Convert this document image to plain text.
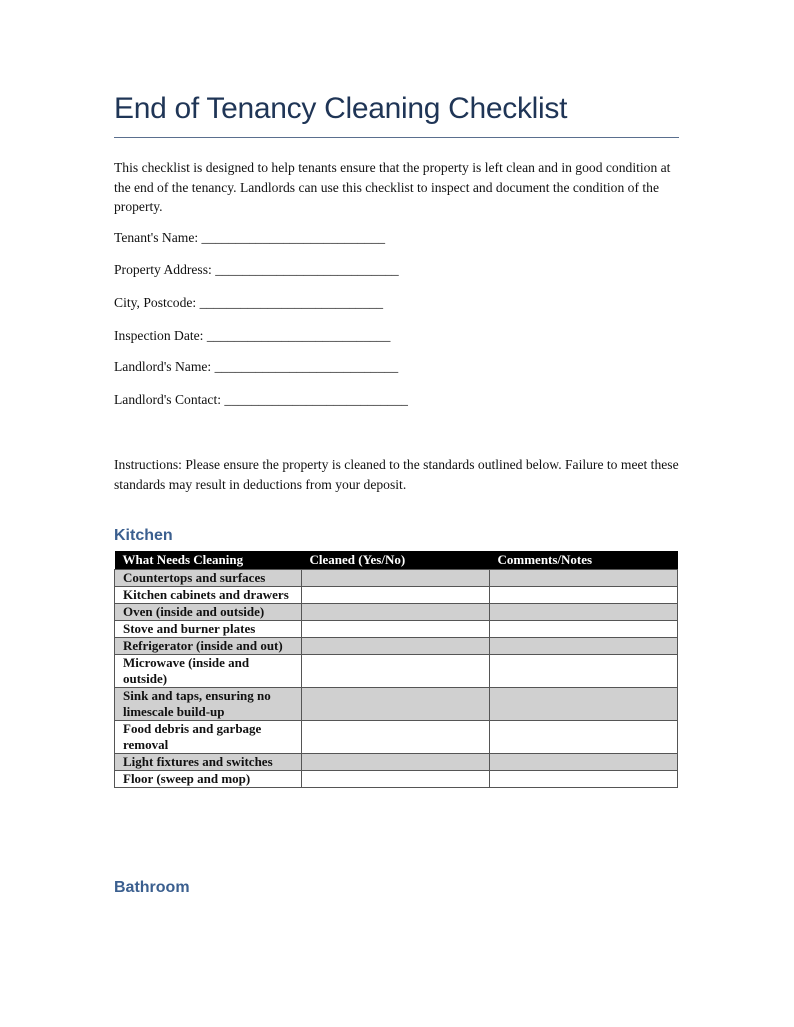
End of Tenancy Cleaning Checklist
This checklist is designed to help tenants ensure that the property is left clean and in good condition at the end of the tenancy. Landlords can use this checklist to inspect and document the condition of the property.
Tenant's Name: ___________________________
Property Address: ___________________________
City, Postcode: ___________________________
Inspection Date: ___________________________
Landlord's Name: ___________________________
Landlord's Contact: ___________________________
Instructions: Please ensure the property is cleaned to the standards outlined below. Failure to meet these standards may result in deductions from your deposit.
Kitchen
What Needs Cleaning	Cleaned (Yes/No)	Comments/Notes
Countertops and surfaces		
Kitchen cabinets and drawers		
Oven (inside and outside)		
Stove and burner plates		
Refrigerator (inside and out)		
Microwave (inside and outside)		
Sink and taps, ensuring no limescale build-up		
Food debris and garbage removal		
Light fixtures and switches		
Floor (sweep and mop)		
Bathroom
